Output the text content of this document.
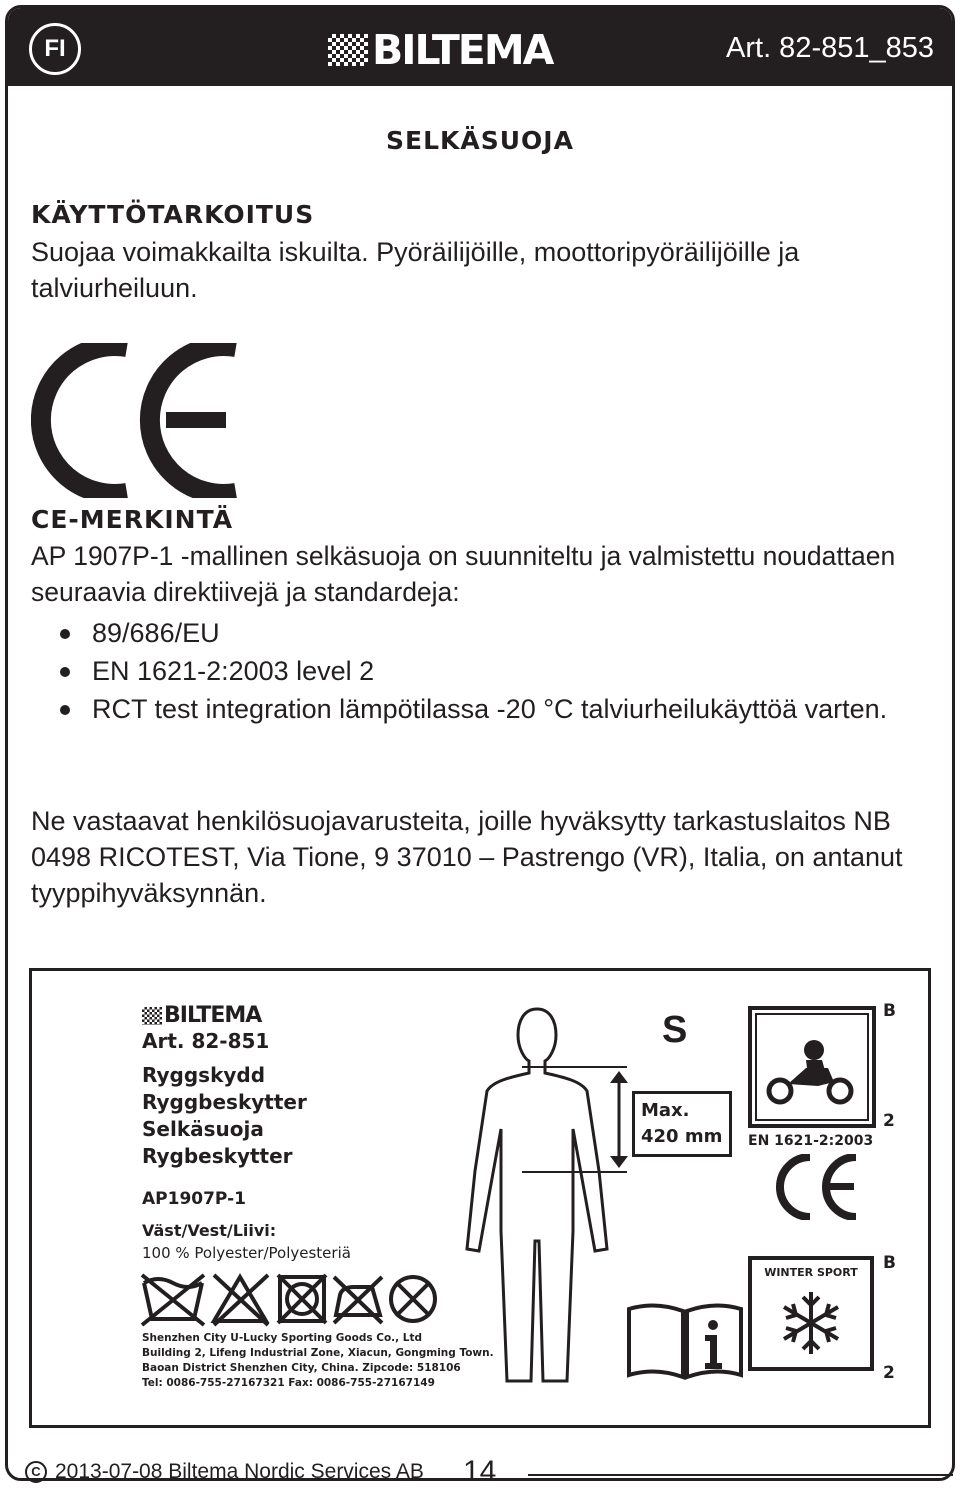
FI	BILTEMA	Art. 82-851_853
SELKÄSUOJA
KÄYTTÖTARKOITUS

Suojaa voimakkailta iskuilta. Pyöräilijöille, moottoripyöräilijöille ja talviurheiluun.

CE-MERKINTÄ

AP 1907P-1 -mallinen selkäsuoja on suunniteltu ja valmistettu noudattaen seuraavia direktiivejä ja standardeja:

89/686/EU
EN 1621-2:2003 level 2
RCT test integration lämpötilassa -20 °C talviurheilukäyttöä varten.

Ne vastaavat henkilösuojavarusteita, joille hyväksytty tarkastuslaitos NB 0498 RICOTEST, Via Tione, 9 37010 – Pastrengo (VR), Italia, on antanut tyyppihyväksynnän.

BILTEMA
Art. 82-851
Ryggskydd
Ryggbeskytter
Selkäsuoja
Rygbeskytter
AP1907P-1
Väst/Vest/Liivi:
100 % Polyester/Polyesteriä
Shenzhen City U-Lucky Sporting Goods Co., Ltd
Building 2, Lifeng Industrial Zone, Xiacun, Gongming Town.
Baoan District Shenzhen City, China. Zipcode: 518106
Tel: 0086-755-27167321 Fax: 0086-755-27167149
S
Max.
420 mm
B
2
EN 1621-2:2003
WINTER SPORT	B
2
C 2013-07-08 Biltema Nordic Services AB 14
